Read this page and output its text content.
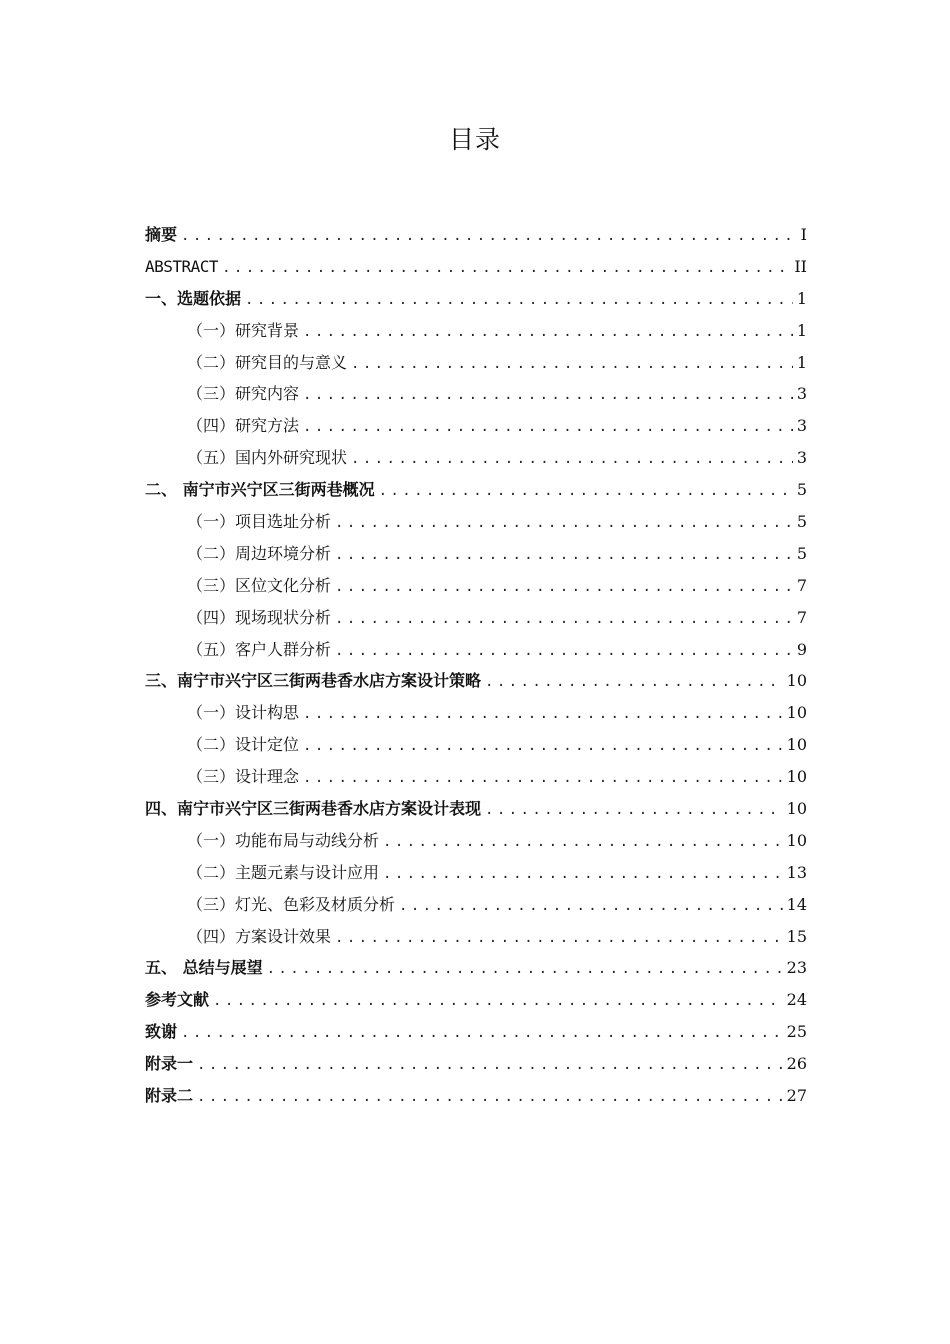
目录
摘要 .....	I
ABSTRACT .....	II
一、选题依据 .....	1
（一）研究背景 .....	1
（二）研究目的与意义 .....	1
（三）研究内容 .....	3
（四）研究方法 .....	3
（五）国内外研究现状 .....	3
二、 南宁市兴宁区三街两巷概况 .....	5
（一）项目选址分析 .....	5
（二）周边环境分析 .....	5
（三）区位文化分析 .....	7
（四）现场现状分析 .....	7
（五）客户人群分析 .....	9
三、南宁市兴宁区三街两巷香水店方案设计策略 .....	10
（一）设计构思 .....	10
（二）设计定位 .....	10
（三）设计理念 .....	10
四、南宁市兴宁区三街两巷香水店方案设计表现 .....	10
（一）功能布局与动线分析 .....	10
（二）主题元素与设计应用 .....	13
（三）灯光、色彩及材质分析 .....	14
（四）方案设计效果 .....	15
五、 总结与展望 .....	23
参考文献 .....	24
致谢 .....	25
附录一 .....	26
附录二 .....	27
